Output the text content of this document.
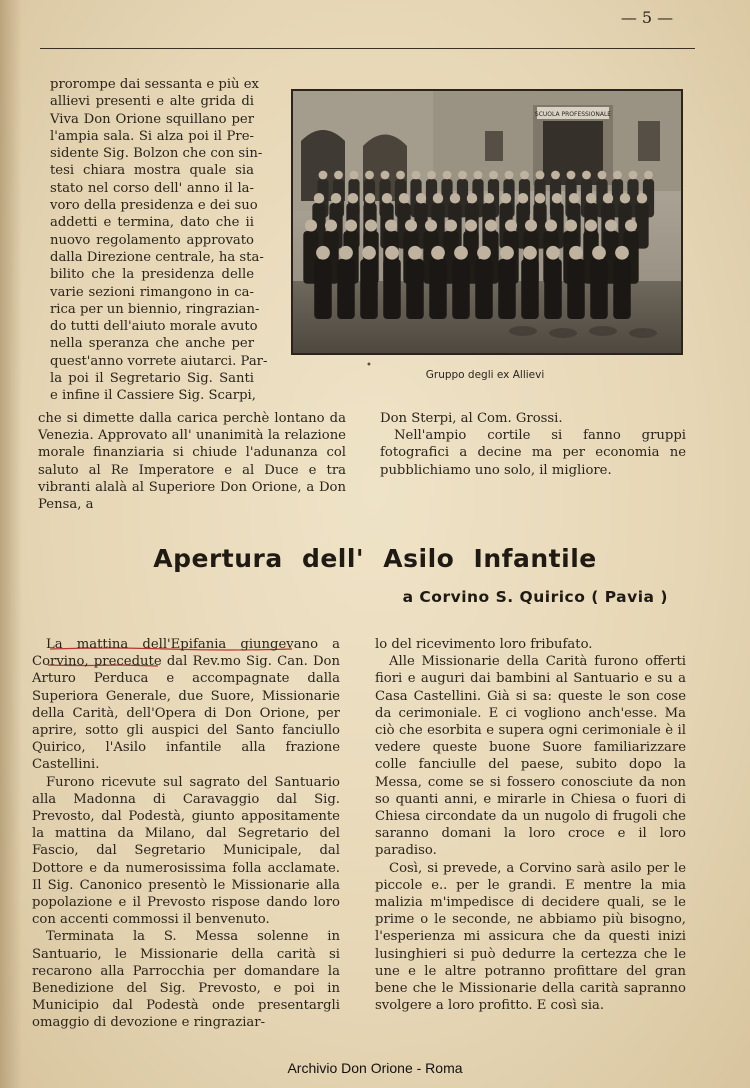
— 5 —
prorompe dai sessanta e più ex
allievi presenti e alte grida di
Viva Don Orione squillano per
l'ampia sala. Si alza poi il Pre-
sidente Sig. Bolzon che con sin-
tesi chiara mostra quale sia
stato nel corso dell' anno il la-
voro della presidenza e dei suo
addetti e termina, dato che ii
nuovo regolamento approvato
dalla Direzione centrale, ha sta-
bilito che la presidenza delle
varie sezioni rimangono in ca-
rica per un biennio, ringrazian-
do tutti dell'aiuto morale avuto
nella speranza che anche per
quest'anno vorrete aiutarci. Par-
la poi il Segretario Sig. Santi
e infine il Cassiere Sig. Scarpi,
SCUOLA PROFESSIONALE
•
Gruppo degli ex Allievi

che si dimette dalla carica perchè lontano da Venezia. Approvato all' unanimità la relazione morale finanziaria si chiude l'adunanza col saluto al Re Imperatore e al Duce e tra vibranti alalà al Superiore Don Orione, a Don Pensa, a

Don Sterpi, al Com. Grossi.

Nell'ampio cortile si fanno gruppi fotografici a decine ma per economia ne pubblichiamo uno solo, il migliore.

Apertura dell' Asilo Infantile
a Corvino S. Quirico ( Pavia )

La mattina dell'Epifania giungevano a Corvino, precedute dal Rev.mo Sig. Can. Don Arturo Perduca e accompagnate dalla Superiora Generale, due Suore, Missionarie della Carità, dell'Opera di Don Orione, per aprire, sotto gli auspici del Santo fanciullo Quirico, l'Asilo infantile alla frazione Castellini.

Furono ricevute sul sagrato del Santuario alla Madonna di Caravaggio dal Sig. Prevosto, dal Podestà, giunto appositamente la mattina da Milano, dal Segretario del Fascio, dal Segretario Municipale, dal Dottore e da numerosissima folla acclamate. Il Sig. Canonico presentò le Missionarie alla popolazione e il Prevosto rispose dando loro con accenti commossi il benvenuto.

Terminata la S. Messa solenne in Santuario, le Missionarie della carità si recarono alla Parrocchia per domandare la Benedizione del Sig. Prevosto, e poi in Municipio dal Podestà onde presentargli omaggio di devozione e ringraziar-

lo del ricevimento loro fribufato.

Alle Missionarie della Carità furono offerti fiori e auguri dai bambini al Santuario e su a Casa Castellini. Già si sa: queste le son cose da cerimoniale. E ci vogliono anch'esse. Ma ciò che esorbita e supera ogni cerimoniale è il vedere queste buone Suore familiarizzare colle fanciulle del paese, subito dopo la Messa, come se si fossero conosciute da non so quanti anni, e mirarle in Chiesa o fuori di Chiesa circondate da un nugolo di frugoli che saranno domani la loro croce e il loro paradiso.

Così, si prevede, a Corvino sarà asilo per le piccole e.. per le grandi. E mentre la mia malizia m'impedisce di decidere quali, se le prime o le seconde, ne abbiamo più bisogno, l'esperienza mi assicura che da questi inizi lusinghieri si può dedurre la certezza che le une e le altre potranno profittare del gran bene che le Missionarie della carità sapranno svolgere a loro profitto. E così sia.

Archivio Don Orione - Roma
